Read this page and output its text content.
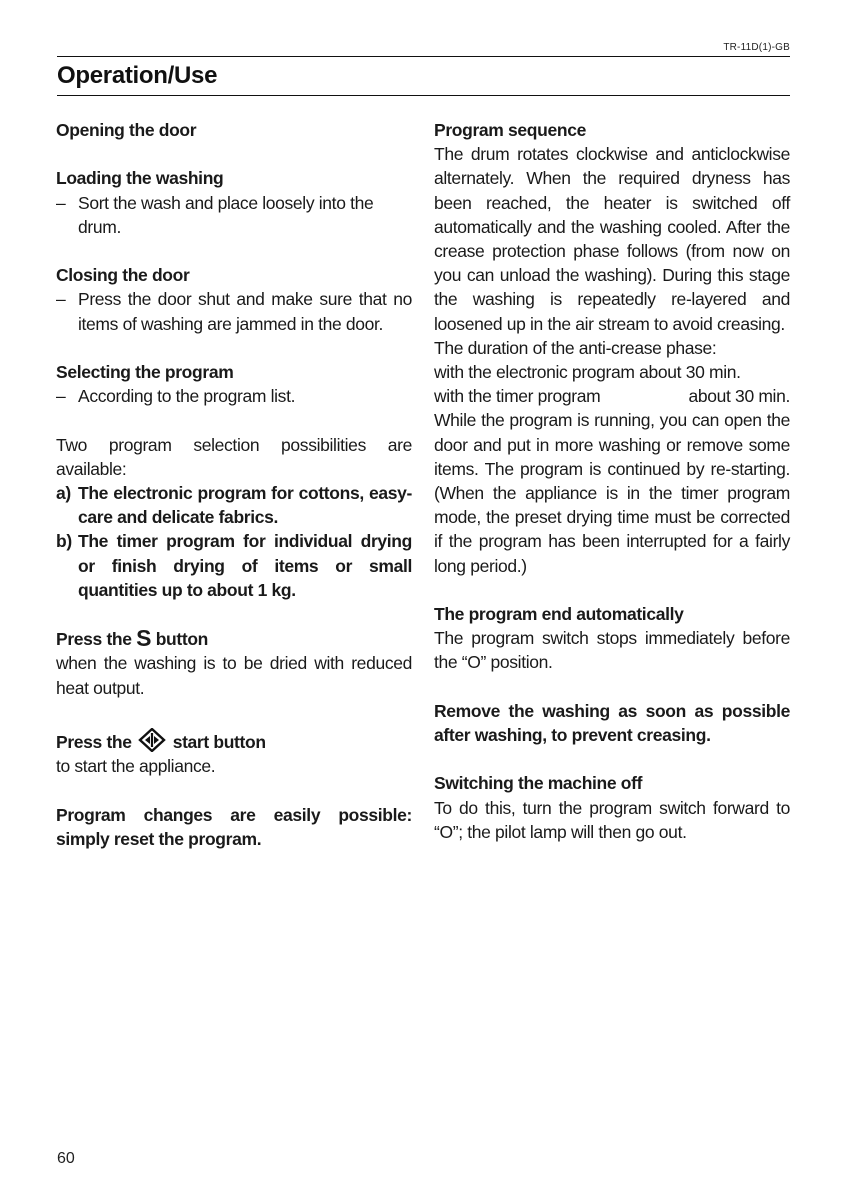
TR-11D(1)-GB
Operation/Use

Opening the door

Loading the washing

– Sort the wash and place loosely into the drum.

Closing the door

– Press the door shut and make sure that no items of washing are jammed in the door.

Selecting the program

– According to the program list.

Two program selection possibilities are available:

a) The electronic program for cottons, easy-care and delicate fabrics.
b) The timer program for individual drying or finish drying of items or small quantities up to about 1 kg.

Press the S button

when the washing is to be dried with reduced heat output.

Press the start button

to start the appliance.

Program changes are easily possible: simply reset the program.

Program sequence

The drum rotates clockwise and anticlockwise alternately. When the required dryness has been reached, the heater is switched off automatically and the washing cooled. After the crease protection phase follows (from now on you can unload the washing). During this stage the washing is repeatedly re-layered and loosened up in the air stream to avoid creasing.

The duration of the anti-crease phase:

with the electronic program about 30 min.

with the timer program	about 30 min.

While the program is running, you can open the door and put in more washing or remove some items. The program is continued by re-starting. (When the appliance is in the timer program mode, the preset drying time must be corrected if the program has been interrupted for a fairly long period.)

The program end automatically

The program switch stops immediately before the “O” position.

Remove the washing as soon as possible after washing, to prevent creasing.

Switching the machine off

To do this, turn the program switch forward to “O”; the pilot lamp will then go out.

60
